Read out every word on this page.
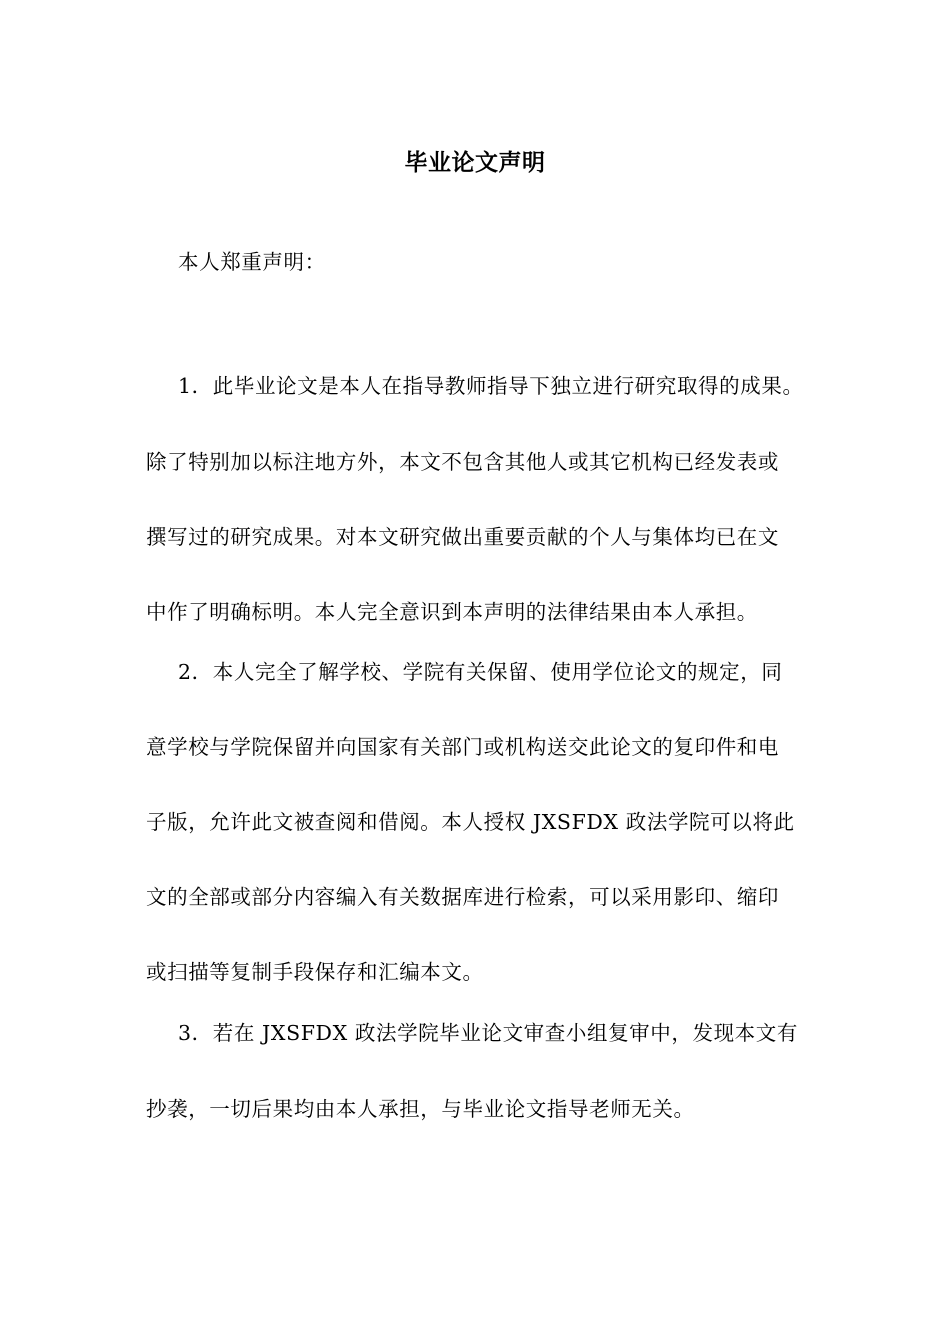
毕业论文声明
本人郑重声明：
1．此毕业论文是本人在指导教师指导下独立进行研究取得的成果。
除了特别加以标注地方外，本文不包含其他人或其它机构已经发表或
撰写过的研究成果。对本文研究做出重要贡献的个人与集体均已在文
中作了明确标明。本人完全意识到本声明的法律结果由本人承担。
2．本人完全了解学校、学院有关保留、使用学位论文的规定，同
意学校与学院保留并向国家有关部门或机构送交此论文的复印件和电
子版，允许此文被查阅和借阅。本人授权 JXSFDX 政法学院可以将此
文的全部或部分内容编入有关数据库进行检索，可以采用影印、缩印
或扫描等复制手段保存和汇编本文。
3．若在 JXSFDX 政法学院毕业论文审查小组复审中，发现本文有
抄袭，一切后果均由本人承担，与毕业论文指导老师无关。
